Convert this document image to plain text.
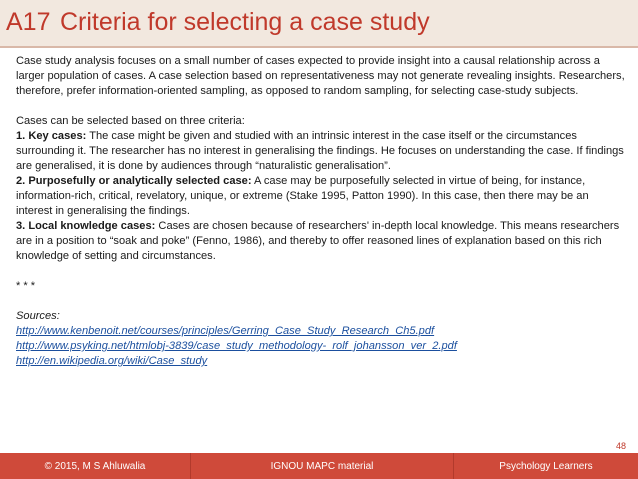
A17 Criteria for selecting a case study

Case study analysis focuses on a small number of cases expected to provide insight into a causal relationship across a larger population of cases. A case selection based on representativeness may not generate revealing insights. Researchers, therefore, prefer information-oriented sampling, as opposed to random sampling, for selecting case-study subjects.

Cases can be selected based on three criteria:

1. Key cases: The case might be given and studied with an intrinsic interest in the case itself or the circumstances surrounding it. The researcher has no interest in generalising the findings. He focuses on understanding the case. If findings are generalised, it is done by audiences through “naturalistic generalisation”.

2. Purposefully or analytically selected case: A case may be purposefully selected in virtue of being, for instance, information-rich, critical, revelatory, unique, or extreme (Stake 1995, Patton 1990). In this case, then there may be an interest in generalising the findings.

3. Local knowledge cases: Cases are chosen because of researchers' in-depth local knowledge. This means researchers are in a position to “soak and poke” (Fenno, 1986), and thereby to offer reasoned lines of explanation based on this rich knowledge of setting and circumstances.

* * *

Sources:

http://www.kenbenoit.net/courses/principles/Gerring_Case_Study_Research_Ch5.pdf
http://www.psyking.net/htmlobj-3839/case_study_methodology-_rolf_johansson_ver_2.pdf
http://en.wikipedia.org/wiki/Case_study
48
© 2015, M S Ahluwalia	IGNOU MAPC material	Psychology Learners
